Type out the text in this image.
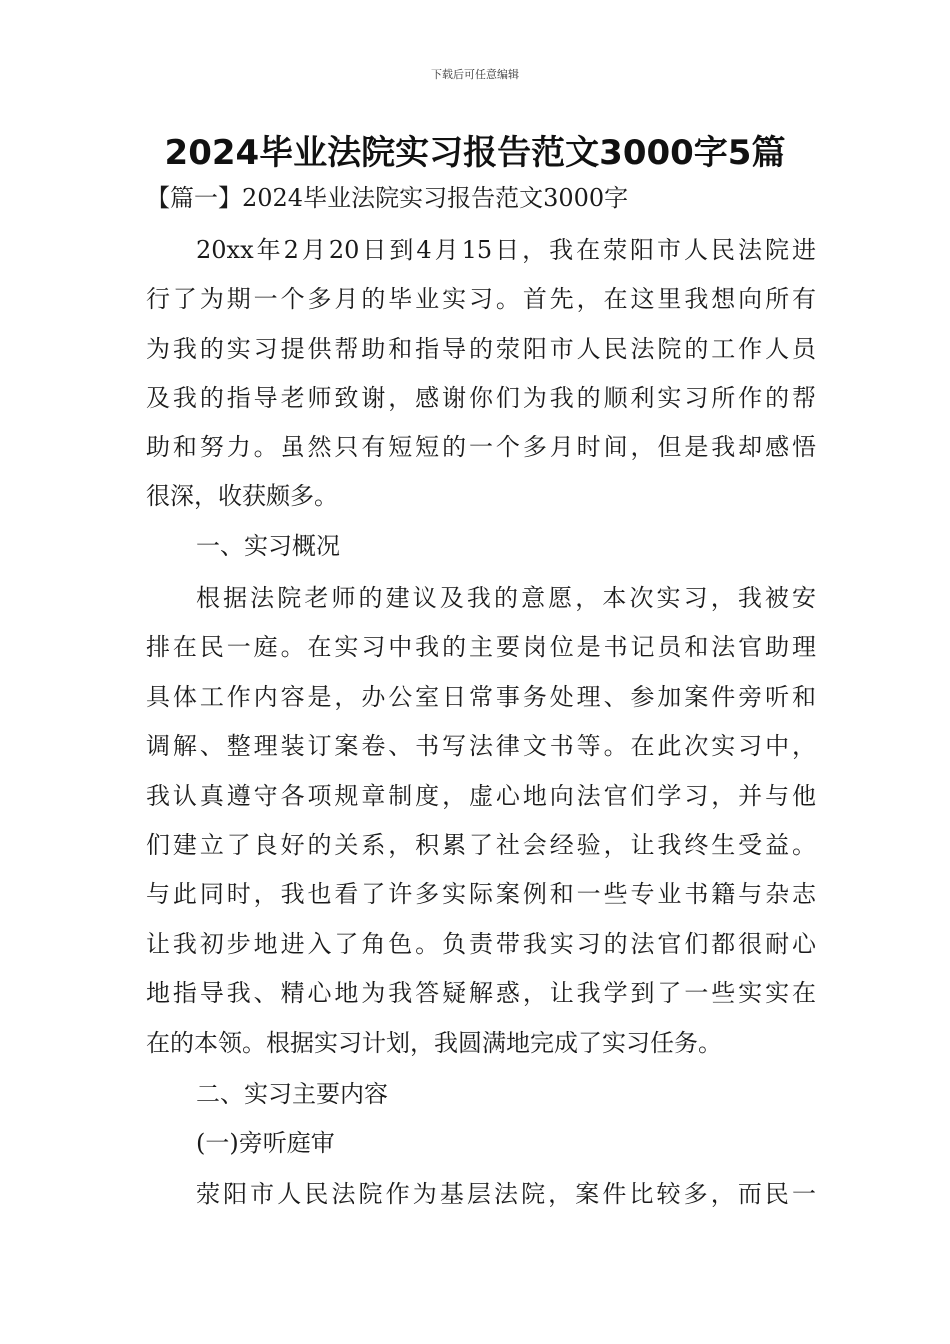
下载后可任意编辑
2024毕业法院实习报告范文3000字5篇
【篇一】2024毕业法院实习报告范文3000字
20xx年2月20日到4月15日，我在荥阳市人民法院进
行了为期一个多月的毕业实习。首先，在这里我想向所有
为我的实习提供帮助和指导的荥阳市人民法院的工作人员
及我的指导老师致谢，感谢你们为我的顺利实习所作的帮
助和努力。虽然只有短短的一个多月时间，但是我却感悟
很深，收获颇多。
一、实习概况
根据法院老师的建议及我的意愿，本次实习，我被安
排在民一庭。在实习中我的主要岗位是书记员和法官助理
具体工作内容是，办公室日常事务处理、参加案件旁听和
调解、整理装订案卷、书写法律文书等。在此次实习中，
我认真遵守各项规章制度，虚心地向法官们学习，并与他
们建立了良好的关系，积累了社会经验，让我终生受益。
与此同时，我也看了许多实际案例和一些专业书籍与杂志
让我初步地进入了角色。负责带我实习的法官们都很耐心
地指导我、精心地为我答疑解惑，让我学到了一些实实在
在的本领。根据实习计划，我圆满地完成了实习任务。
二、实习主要内容
(一)旁听庭审
荥阳市人民法院作为基层法院，案件比较多，而民一
